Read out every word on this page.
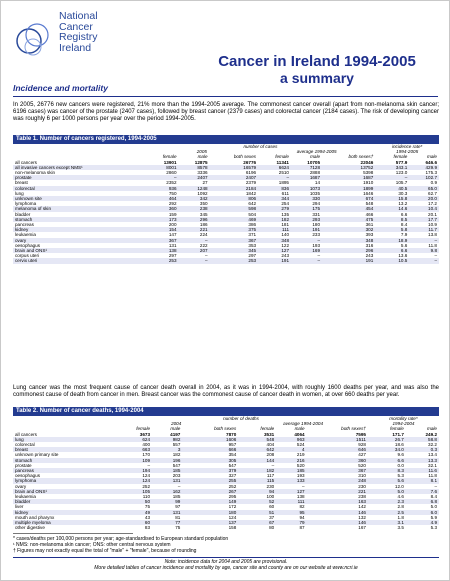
National
Cancer
Registry
Ireland
Cancer in Ireland 1994-2005
a summary
Incidence and mortality
In 2005, 26776 new cancers were registered, 21% more than the 1994-2005 average. The commonest cancer overall (apart from non-melanoma skin cancer; 6196 cases) was cancer of the prostate (2407 cases), followed by breast cancer (2379 cases) and colorectal cancer (2184 cases). The risk of developing cancer was roughly 6 per 1000 persons per year over the period 1994-2005.
Table 1. Number of cancers registered, 1994-2005
	number of cases						incidence rate*	
	2005			average 1994-2005			1994-2005	
	female	male	both sexes	female	male	both sexes†	female	male
all cancers	13901	12875	26776	11341	10705	22046	577.9	646.6
all invasive cancers except NMS¹	8001	8578	16579	6624	7128	13752	343.1	429.9
non-melanoma skin	2860	3336	6196	2510	2888	5398	123.0	175.3
prostate	–	2407	2407	–	1687	1687	–	102.7
breast	2352	27	2379	1895	14	1910	105.7	0.9
colorectal	936	1248	2184	836	1073	1899	40.5	65.0
lung	750	1092	1842	611	1035	1646	30.3	62.7
unknown site	464	342	806	344	330	674	15.8	20.0
lymphoma	292	350	642	254	294	548	13.2	17.2
melanoma of skin	360	238	598	279	175	454	14.6	10.4
bladder	159	345	504	135	331	466	6.6	20.1
stomach	173	296	469	182	293	475	8.5	17.7
pancreas	200	186	386	181	180	361	8.4	10.9
kidney	154	221	375	111	191	302	5.8	11.7
leukaemia	147	224	371	140	233	393	7.9	13.8
ovary	367	–	367	348	–	348	18.9	–
oesophagus	131	222	353	122	193	316	5.6	11.8
brain and ONS¹	138	207	345	127	169	296	6.6	9.8
corpus uteri	297	–	297	243	–	243	13.6	–
cervix uteri	253	–	253	191	–	191	10.5	–
Lung cancer was the most frequent cause of cancer death overall in 2004, as it was in 1994-2004, with roughly 1600 deaths per year, and was also the commonest cause of death from cancer in men. Breast cancer was the commonest cause of cancer death in women, at over 660 deaths per year.
Table 2. Number of cancer deaths, 1994-2004
	number of deaths						mortality rate*	
	2004			average 1994-2004			1994-2004	
	female	male	both sexes	female	male	both sexes†	female	male
all cancers	3673	4197	7870	3531	4064	7595	171.7	249.2
lung	624	982	1606	548	963	1511	26.7	58.8
colorectal	400	557	957	404	524	928	18.6	32.2
breast	663	3	666	642	4	646	34.0	0.3
unknown primary site	170	182	354	208	219	427	9.6	13.4
stomach	109	196	305	144	216	360	6.6	13.3
prostate	–	547	547	–	520	520	0.0	32.1
pancreas	194	185	379	182	185	367	8.3	11.6
oesophagus	124	203	327	117	193	310	5.3	11.8
lymphoma	124	131	255	115	133	248	5.6	8.1
ovary	252	–	252	230	–	230	12.0	–
brain and ONS¹	105	162	267	94	127	221	5.0	7.6
leukaemia	110	185	295	100	138	238	4.6	8.4
bladder	50	99	149	52	111	163	2.3	6.8
liver	75	97	172	60	82	142	2.8	5.0
kidney	49	131	180	51	95	146	2.5	6.0
mouth and pharynx	43	81	124	37	94	132	1.8	5.9
multiple myeloma	60	77	137	67	79	146	3.1	4.9
other digestive	83	75	158	80	87	167	3.5	5.3
* cases/deaths per 100,000 persons per year; age-standardised to European standard population
¹ NMS: non-melanoma skin cancer; ONS: other central nervous system
† Figures may not exactly equal the total of "male" + "female", because of rounding
Note: incidence data for 2004 and 2005 are provisional.
More detailed tables of cancer incidence and mortality by age, cancer site and county are on our website at www.ncri.ie
